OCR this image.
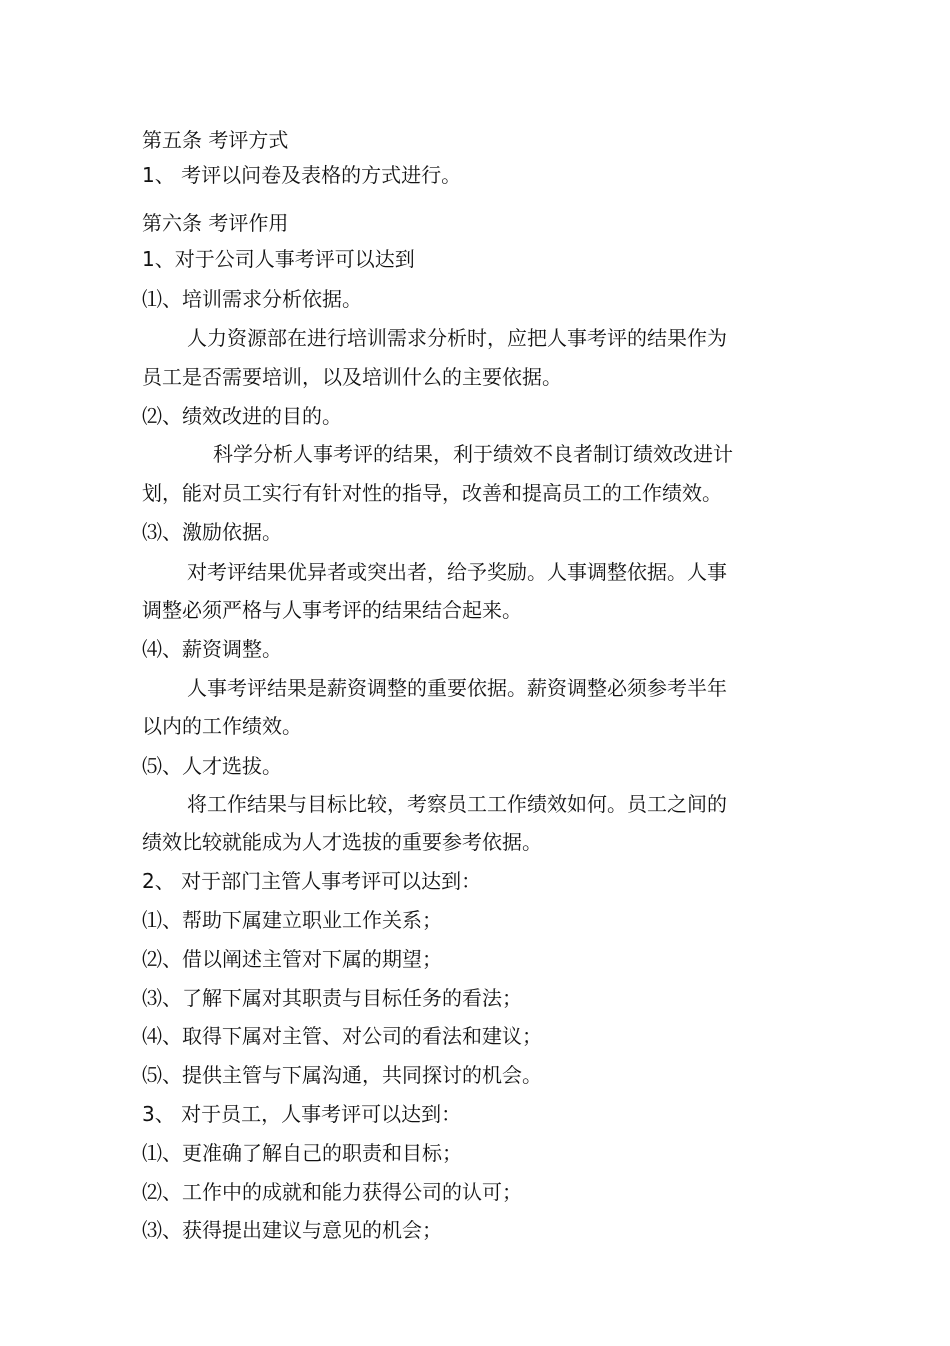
第五条 考评方式
1、 考评以问卷及表格的方式进行。
第六条 考评作用
1、对于公司人事考评可以达到
⑴、培训需求分析依据。
人力资源部在进行培训需求分析时，应把人事考评的结果作为
员工是否需要培训，以及培训什么的主要依据。
⑵、绩效改进的目的。
科学分析人事考评的结果，利于绩效不良者制订绩效改进计
划，能对员工实行有针对性的指导，改善和提高员工的工作绩效。
⑶、激励依据。
对考评结果优异者或突出者，给予奖励。人事调整依据。人事
调整必须严格与人事考评的结果结合起来。
⑷、薪资调整。
人事考评结果是薪资调整的重要依据。薪资调整必须参考半年
以内的工作绩效。
⑸、人才选拔。
将工作结果与目标比较，考察员工工作绩效如何。员工之间的
绩效比较就能成为人才选拔的重要参考依据。
2、 对于部门主管人事考评可以达到：
⑴、帮助下属建立职业工作关系；
⑵、借以阐述主管对下属的期望；
⑶、了解下属对其职责与目标任务的看法；
⑷、取得下属对主管、对公司的看法和建议；
⑸、提供主管与下属沟通，共同探讨的机会。
3、 对于员工，人事考评可以达到：
⑴、更准确了解自己的职责和目标；
⑵、工作中的成就和能力获得公司的认可；
⑶、获得提出建议与意见的机会；
